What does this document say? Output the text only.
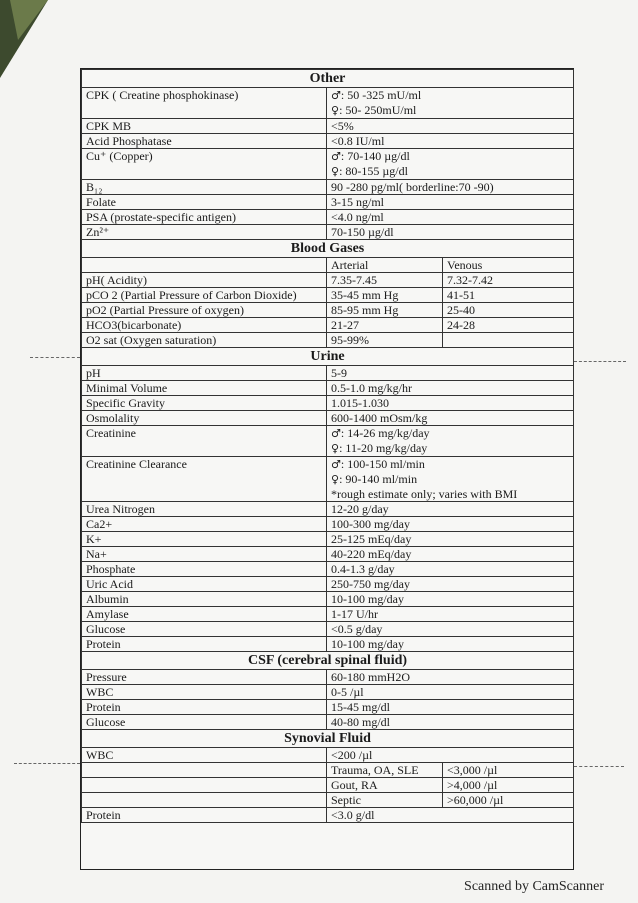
Other		
CPK ( Creatine phosphokinase)	♂: 50 -325 mU/ml
♀: 50- 250mU/ml	

CPK MB	<5%	

Acid Phosphatase	<0.8 IU/ml	

Cu⁺ (Copper)	♂: 70-140 µg/dl
♀: 80-155 µg/dl	

B₁₂	90 -280 pg/ml( borderline:70 -90)	

Folate	3-15 ng/ml	

PSA (prostate-specific antigen)	<4.0 ng/ml	

Zn²⁺	70-150 µg/dl	

Blood Gases		
	Arterial	Venous
pH( Acidity)	7.35-7.45	7.32-7.42
pCO 2 (Partial Pressure of Carbon Dioxide)	35-45 mm Hg	41-51
pO2 (Partial Pressure of oxygen)	85-95 mm Hg	25-40
HCO3(bicarbonate)	21-27	24-28
O2 sat (Oxygen saturation)	95-99%	
Urine		
pH	5-9	

Minimal Volume	0.5-1.0 mg/kg/hr	

Specific Gravity	1.015-1.030	

Osmolality	600-1400 mOsm/kg	

Creatinine	♂: 14-26 mg/kg/day
♀: 11-20 mg/kg/day	

Creatinine Clearance	♂: 100-150 ml/min
♀: 90-140 ml/min
*rough estimate only; varies with BMI	

Urea Nitrogen	12-20 g/day	

Ca2+	100-300 mg/day	

K+	25-125 mEq/day	

Na+	40-220 mEq/day	

Phosphate	0.4-1.3 g/day	

Uric Acid	250-750 mg/day	

Albumin	10-100 mg/day	

Amylase	1-17 U/hr	

Glucose	<0.5 g/day	

Protein	10-100 mg/day	

CSF (cerebral spinal fluid)		
Pressure	60-180 mmH2O	

WBC	0-5 /µl	

Protein	15-45 mg/dl	

Glucose	40-80 mg/dl	

Synovial Fluid		
WBC	<200 /µl	
	Trauma, OA, SLE	<3,000 /µl
	Gout, RA	>4,000 /µl
	Septic	>60,000 /µl
Protein	<3.0 g/dl	
Scanned by CamScanner
